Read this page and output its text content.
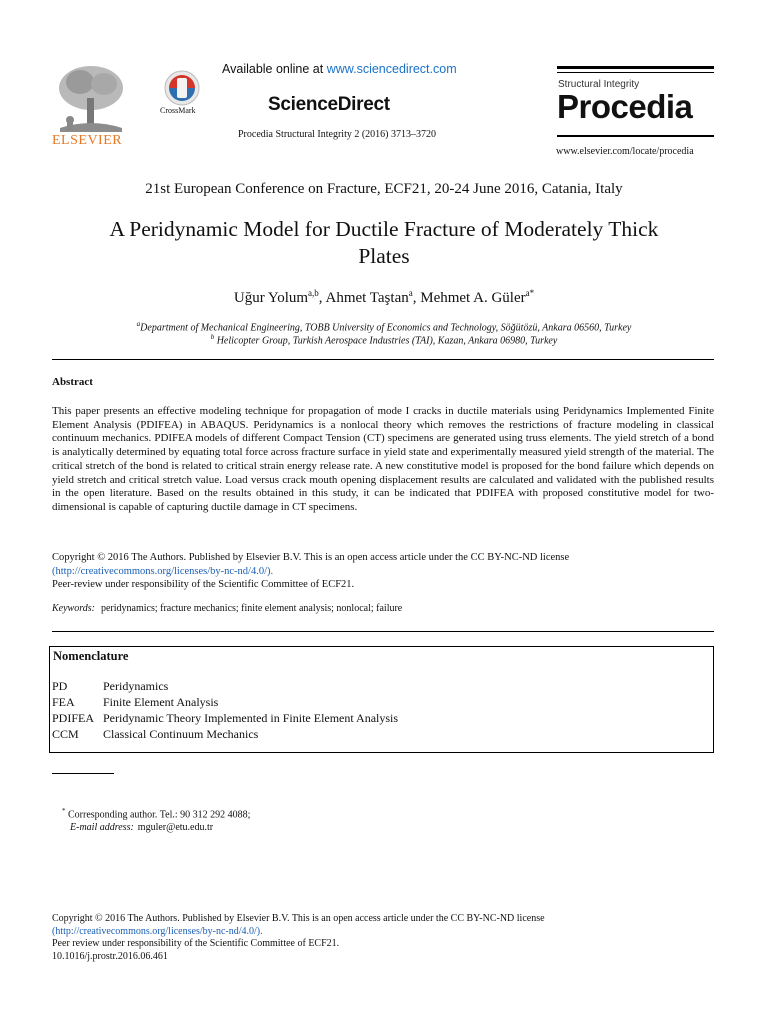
ELSEVIER
CrossMark
Available online at www.sciencedirect.com
ScienceDirect
Procedia Structural Integrity 2 (2016) 3713–3720
Structural Integrity
Procedia
www.elsevier.com/locate/procedia
21st European Conference on Fracture, ECF21, 20-24 June 2016, Catania, Italy
A Peridynamic Model for Ductile Fracture of Moderately Thick
Plates
Uğur Yolum$^{a,b}$, Ahmet Taştan$^a$, Mehmet A. Güler$^{a*}$
$^a$Department of Mechanical Engineering, TOBB University of Economics and Technology, Söğütözü, Ankara 06560, Turkey
$^b$ Helicopter Group, Turkish Aerospace Industries (TAI), Kazan, Ankara 06980, Turkey
Abstract
This paper presents an effective modeling technique for propagation of mode I cracks in ductile materials using Peridynamics Implemented Finite Element Analysis (PDIFEA) in ABAQUS. Peridynamics is a nonlocal theory which removes the restrictions of fracture modeling in classical continuum mechanics. PDIFEA models of different Compact Tension (CT) specimens are generated using truss elements. The yield stretch of a bond is analytically determined by equating total force across fracture surface in yield state and experimentally measured yield strength of the material. The critical stretch of the bond is related to critical strain energy release rate. A new constitutive model is proposed for the bond failure which depends on yield stretch and critical stretch value. Load versus crack mouth opening displacement results are calculated and validated with the published results in the open literature. Based on the results obtained in this study, it can be indicated that PDIFEA with proposed constitutive model for two-dimensional is capable of capturing ductile damage in CT specimens.
Copyright © 2016 The Authors. Published by Elsevier B.V. This is an open access article under the CC BY-NC-ND license
(http://creativecommons.org/licenses/by-nc-nd/4.0/).
Peer-review under responsibility of the Scientific Committee of ECF21.
Keywords: peridynamics; fracture mechanics; finite element analysis; nonlocal; failure
Nomenclature
PD	Peridynamics
FEA Finite Element Analysis
PDIFEA Peridynamic Theory Implemented in Finite Element Analysis
CCM Classical Continuum Mechanics
* Corresponding author. Tel.: 90 312 292 4088;
E-mail address: mguler@etu.edu.tr
Copyright © 2016 The Authors. Published by Elsevier B.V. This is an open access article under the CC BY-NC-ND license
(http://creativecommons.org/licenses/by-nc-nd/4.0/).
Peer review under responsibility of the Scientific Committee of ECF21.
10.1016/j.prostr.2016.06.461
